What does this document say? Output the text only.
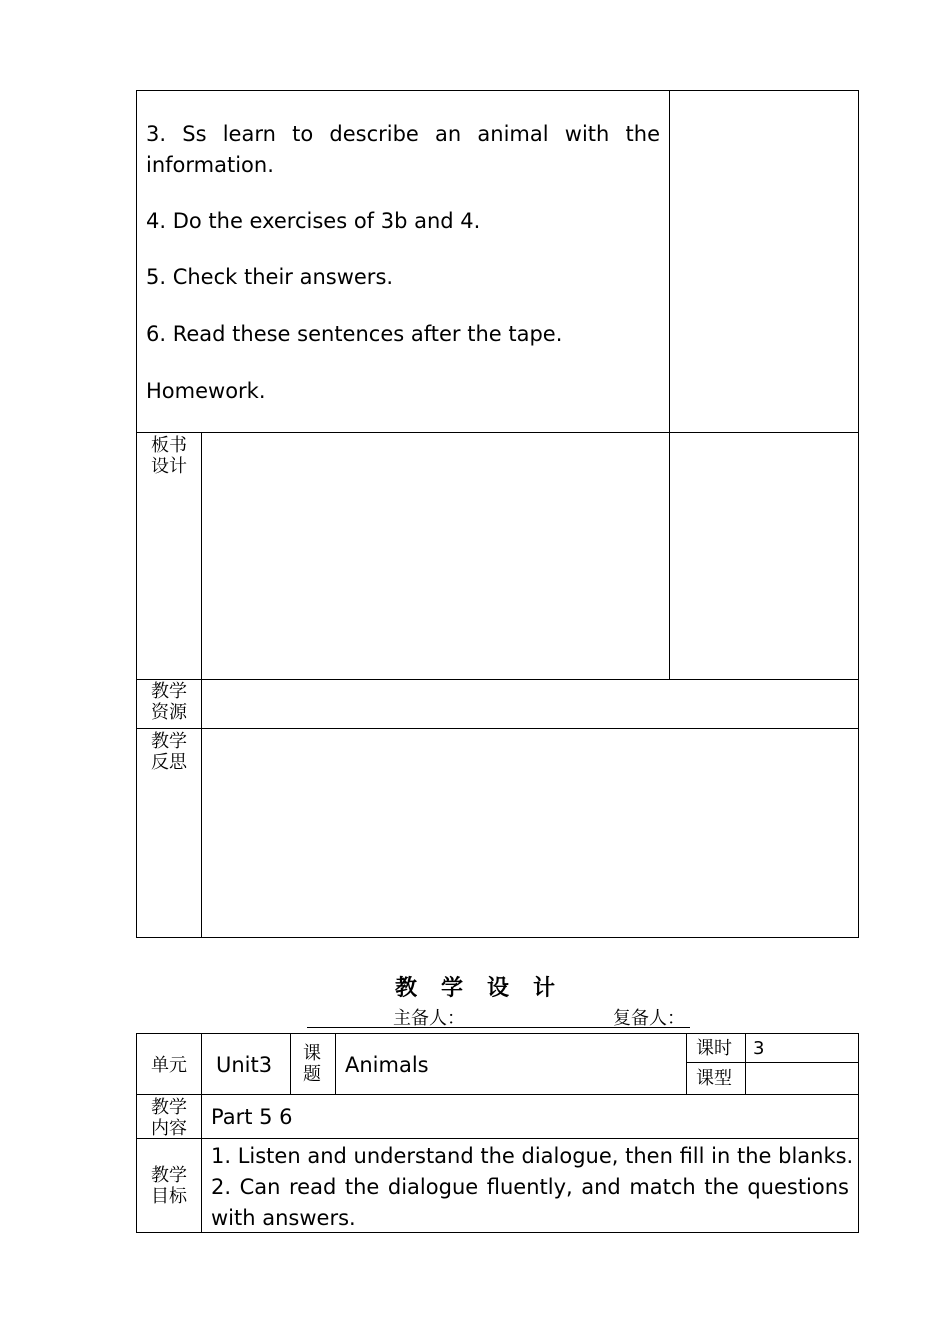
3. Ss learn to describe an animal with the
information.
4. Do the exercises of 3b and 4.
5. Check their answers.
6. Read these sentences after the tape.
Homework.
板书设计
教学资源
教学反思
教 学 设 计
主备人：	复备人：
单元 Unit3 课题 Animals
课时 3
课型
教学内容 Part 5 6
教学目标
1. Listen and understand the dialogue, then fill in the blanks.
2. Can read the dialogue fluently, and match the questions
with answers.
